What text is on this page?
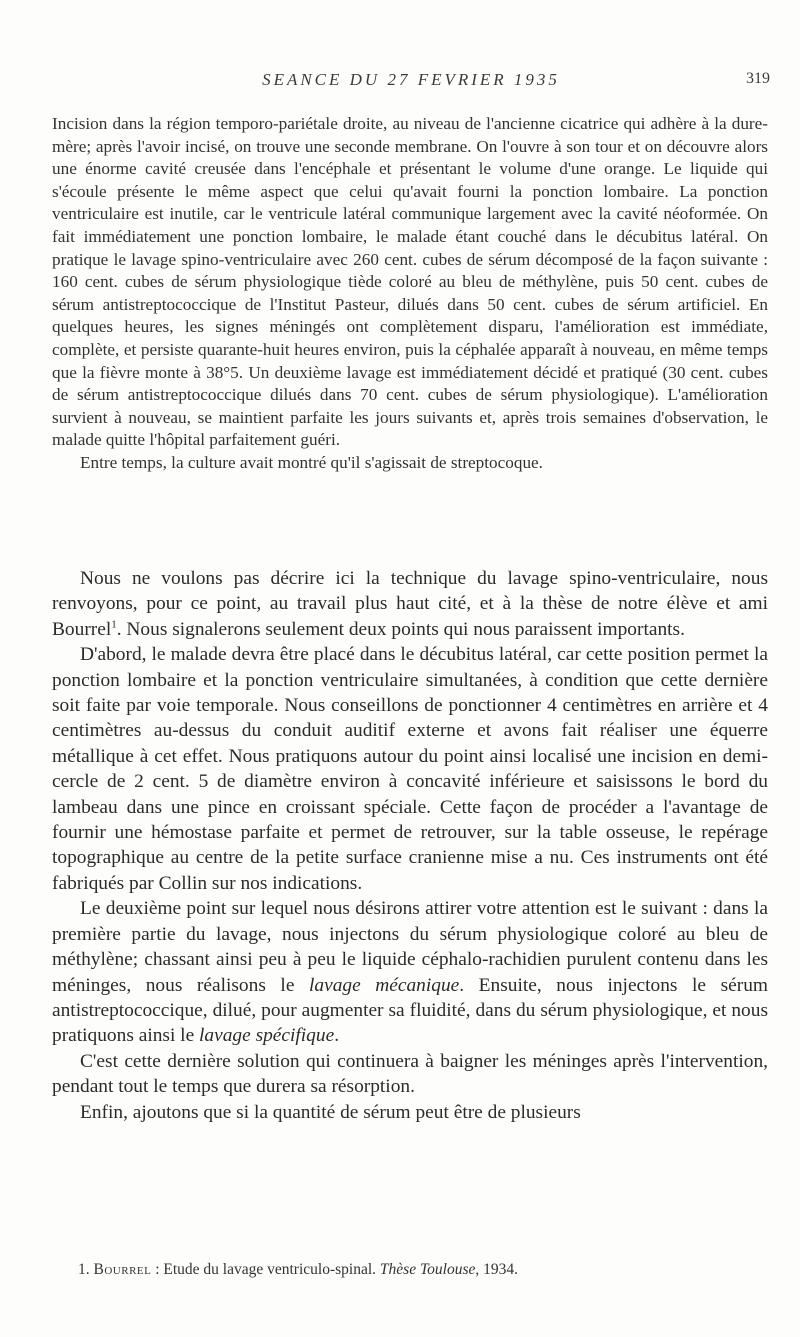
SEANCE DU 27 FEVRIER 1935	319

Incision dans la région temporo-pariétale droite, au niveau de l'ancienne cicatrice qui adhère à la dure-mère; après l'avoir incisé, on trouve une seconde membrane. On l'ouvre à son tour et on découvre alors une énorme cavité creusée dans l'encéphale et présentant le volume d'une orange. Le liquide qui s'écoule présente le même aspect que celui qu'avait fourni la ponction lombaire. La ponction ventriculaire est inutile, car le ventricule latéral communique largement avec la cavité néoformée. On fait immédiatement une ponction lombaire, le malade étant couché dans le décubitus latéral. On pratique le lavage spino-ventriculaire avec 260 cent. cubes de sérum décomposé de la façon suivante : 160 cent. cubes de sérum physiologique tiède coloré au bleu de méthylène, puis 50 cent. cubes de sérum antistreptococcique de l'Institut Pasteur, dilués dans 50 cent. cubes de sérum artificiel. En quelques heures, les signes méningés ont complètement disparu, l'amélioration est immédiate, complète, et persiste quarante-huit heures environ, puis la céphalée apparaît à nouveau, en même temps que la fièvre monte à 38°5. Un deuxième lavage est immédiatement décidé et pratiqué (30 cent. cubes de sérum antistreptococcique dilués dans 70 cent. cubes de sérum physiologique). L'amélioration survient à nouveau, se maintient parfaite les jours suivants et, après trois semaines d'observation, le malade quitte l'hôpital parfaitement guéri.

Entre temps, la culture avait montré qu'il s'agissait de streptocoque.

Nous ne voulons pas décrire ici la technique du lavage spino-ventriculaire, nous renvoyons, pour ce point, au travail plus haut cité, et à la thèse de notre élève et ami Bourrel$^1$. Nous signalerons seulement deux points qui nous paraissent importants.

D'abord, le malade devra être placé dans le décubitus latéral, car cette position permet la ponction lombaire et la ponction ventriculaire simultanées, à condition que cette dernière soit faite par voie temporale. Nous conseillons de ponctionner 4 centimètres en arrière et 4 centimètres au-dessus du conduit auditif externe et avons fait réaliser une équerre métallique à cet effet. Nous pratiquons autour du point ainsi localisé une incision en demi-cercle de 2 cent. 5 de diamètre environ à concavité inférieure et saisissons le bord du lambeau dans une pince en croissant spéciale. Cette façon de procéder a l'avantage de fournir une hémostase parfaite et permet de retrouver, sur la table osseuse, le repérage topographique au centre de la petite surface cranienne mise a nu. Ces instruments ont été fabriqués par Collin sur nos indications.

Le deuxième point sur lequel nous désirons attirer votre attention est le suivant : dans la première partie du lavage, nous injectons du sérum physiologique coloré au bleu de méthylène; chassant ainsi peu à peu le liquide céphalo-rachidien purulent contenu dans les méninges, nous réalisons le lavage mécanique. Ensuite, nous injectons le sérum antistreptococcique, dilué, pour augmenter sa fluidité, dans du sérum physiologique, et nous pratiquons ainsi le lavage spécifique.

C'est cette dernière solution qui continuera à baigner les méninges après l'intervention, pendant tout le temps que durera sa résorption.

Enfin, ajoutons que si la quantité de sérum peut être de plusieurs

1. Bourrel : Etude du lavage ventriculo-spinal. Thèse Toulouse, 1934.
